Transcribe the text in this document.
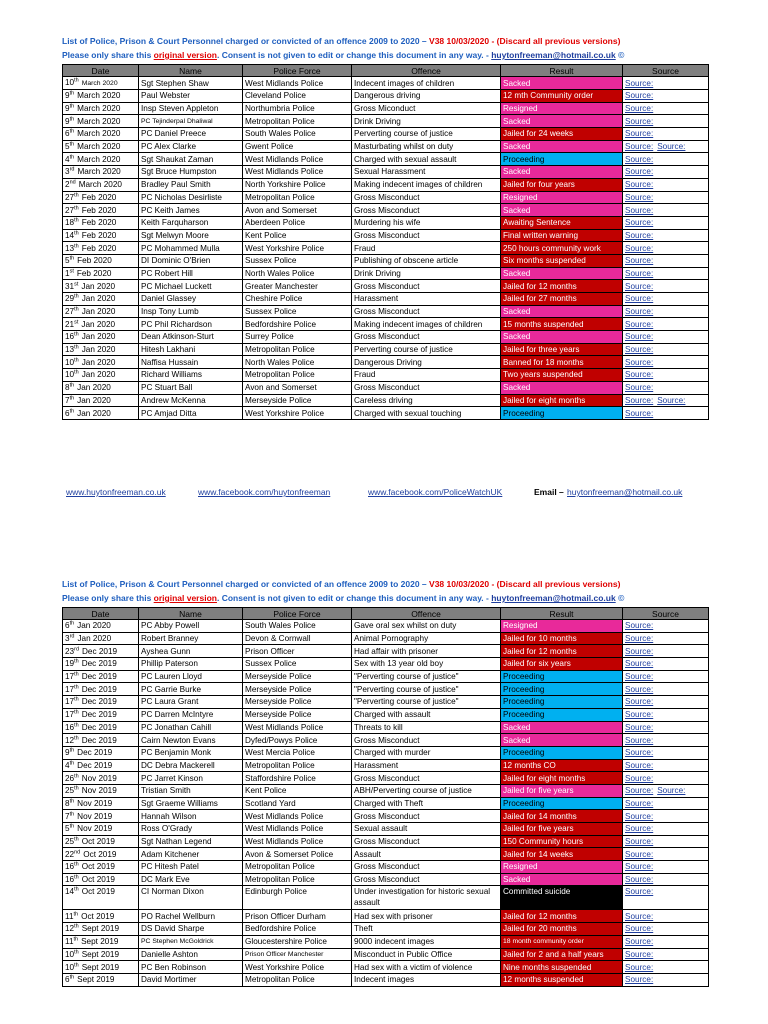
List of Police, Prison & Court Personnel charged or convicted of an offence 2009 to 2020 – V38 10/03/2020 - (Discard all previous versions)
Please only share this original version. Consent is not given to edit or change this document in any way. - huytonfreeman@hotmail.co.uk ©
Date	Name	Police Force	Offence	Result	Source
10th March 2020	Sgt Stephen Shaw	West Midlands Police	Indecent images of children	Sacked	Source:
9th March 2020	Paul Webster	Cleveland Police	Dangerous driving	12 mth Community order	Source:
9th March 2020	Insp Steven Appleton	Northumbria Police	Gross Miconduct	Resigned	Source:
9th March 2020	PC Tejinderpal Dhaliwal	Metropolitan Police	Drink Driving	Sacked	Source:
6th March 2020	PC Daniel Preece	South Wales Police	Perverting course of justice	Jailed for 24 weeks	Source:
5th March 2020	PC Alex Clarke	Gwent Police	Masturbating whilst on duty	Sacked	Source: Source:
4th March 2020	Sgt Shaukat Zaman	West Midlands Police	Charged with sexual assault	Proceeding	Source:
3rd March 2020	Sgt Bruce Humpston	West Midlands Police	Sexual Harassment	Sacked	Source:
2nd March 2020	Bradley Paul Smith	North Yorkshire Police	Making indecent images of children	Jailed for four years	Source:
27th Feb 2020	PC Nicholas Desirliste	Metropolitan Police	Gross Misconduct	Resigned	Source:
27th Feb 2020	PC Keith James	Avon and Somerset	Gross Misconduct	Sacked	Source:
18th Feb 2020	Keith Farquharson	Aberdeen Police	Murdering his wife	Awaiting Sentence	Source:
14th Feb 2020	Sgt Melwyn Moore	Kent Police	Gross Misconduct	Final written warning	Source:
13th Feb 2020	PC Mohammed Mulla	West Yorkshire Police	Fraud	250 hours community work	Source:
5th Feb 2020	DI Dominic O'Brien	Sussex Police	Publishing of obscene article	Six months suspended	Source:
1st Feb 2020	PC Robert Hill	North Wales Police	Drink Driving	Sacked	Source:
31st Jan 2020	PC Michael Luckett	Greater Manchester	Gross Misconduct	Jailed for 12 months	Source:
29th Jan 2020	Daniel Glassey	Cheshire Police	Harassment	Jailed for 27 months	Source:
27th Jan 2020	Insp Tony Lumb	Sussex Police	Gross Misconduct	Sacked	Source:
21st Jan 2020	PC Phil Richardson	Bedfordshire Police	Making indecent images of children	15 months suspended	Source:
16th Jan 2020	Dean Atkinson-Sturt	Surrey Police	Gross Misconduct	Sacked	Source:
13th Jan 2020	Hitesh Lakhani	Metropolitan Police	Perverting course of justice	Jailed for three years	Source:
10th Jan 2020	Naffisa Hussain	North Wales Police	Dangerous Driving	Banned for 18 months	Source:
10th Jan 2020	Richard Williams	Metropolitan Police	Fraud	Two years suspended	Source:
8th Jan 2020	PC Stuart Ball	Avon and Somerset	Gross Misconduct	Sacked	Source:
7th Jan 2020	Andrew McKenna	Merseyside Police	Careless driving	Jailed for eight months	Source: Source:
6th Jan 2020	PC Amjad Ditta	West Yorkshire Police	Charged with sexual touching	Proceeding	Source:
www.huytonfreeman.co.uk	www.facebook.com/huytonfreeman	www.facebook.com/PoliceWatchUK	Email – huytonfreeman@hotmail.co.uk
List of Police, Prison & Court Personnel charged or convicted of an offence 2009 to 2020 – V38 10/03/2020 - (Discard all previous versions)
Please only share this original version. Consent is not given to edit or change this document in any way. - huytonfreeman@hotmail.co.uk ©
Date	Name	Police Force	Offence	Result	Source
6th Jan 2020	PC Abby Powell	South Wales Police	Gave oral sex whilst on duty	Resigned	Source:
3rd Jan 2020	Robert Branney	Devon & Cornwall	Animal Pornography	Jailed for 10 months	Source:
23rd Dec 2019	Ayshea Gunn	Prison Officer	Had affair with prisoner	Jailed for 12 months	Source:
19th Dec 2019	Phillip Paterson	Sussex Police	Sex with 13 year old boy	Jailed for six years	Source:
17th Dec 2019	PC Lauren Lloyd	Merseyside Police	"Perverting course of justice"	Proceeding	Source:
17th Dec 2019	PC Garrie Burke	Merseyside Police	"Perverting course of justice"	Proceeding	Source:
17th Dec 2019	PC Laura Grant	Merseyside Police	"Perverting course of justice"	Proceeding	Source:
17th Dec 2019	PC Darren McIntyre	Merseyside Police	Charged with assault	Proceeding	Source:
16th Dec 2019	PC Jonathan Cahill	West Midlands Police	Threats to kill	Sacked	Source:
12th Dec 2019	Cairn Newton Evans	Dyfed/Powys Police	Gross Misconduct	Sacked	Source:
9th Dec 2019	PC Benjamin Monk	West Mercia Police	Charged with murder	Proceeding	Source:
4th Dec 2019	DC Debra Mackerell	Metropolitan Police	Harassment	12 months CO	Source:
26th Nov 2019	PC Jarret Kinson	Staffordshire Police	Gross Misconduct	Jailed for eight months	Source:
25th Nov 2019	Tristian Smith	Kent Police	ABH/Perverting course of justice	Jailed for five years	Source: Source:
8th Nov 2019	Sgt Graeme Williams	Scotland Yard	Charged with Theft	Proceeding	Source:
7th Nov 2019	Hannah Wilson	West Midlands Police	Gross Misconduct	Jailed for 14 months	Source:
5th Nov 2019	Ross O'Grady	West Midlands Police	Sexual assault	Jailed for five years	Source:
25th Oct 2019	Sgt Nathan Legend	West Midlands Police	Gross Misconduct	150 Community hours	Source:
22nd Oct 2019	Adam Kitchener	Avon & Somerset Police	Assault	Jailed for 14 weeks	Source:
16th Oct 2019	PC Hitesh Patel	Metropolitan Police	Gross Misconduct	Resigned	Source:
16th Oct 2019	DC Mark Eve	Metropolitan Police	Gross Misconduct	Sacked	Source:
14th Oct 2019	CI Norman Dixon	Edinburgh Police	Under investigation for historic sexual assault	Committed suicide	Source:
11th Oct 2019	PO Rachel Wellburn	Prison Officer Durham	Had sex with prisoner	Jailed for 12 months	Source:
12th Sept 2019	DS David Sharpe	Bedfordshire Police	Theft	Jailed for 20 months	Source:
11th Sept 2019	PC Stephen McGoldrick	Gloucestershire Police	9000 indecent images	18 month community order	Source:
10th Sept 2019	Danielle Ashton	Prison Officer Manchester	Misconduct in Public Office	Jailed for 2 and a half years	Source:
10th Sept 2019	PC Ben Robinson	West Yorkshire Police	Had sex with a victim of violence	Nine months suspended	Source:
6th Sept 2019	David Mortimer	Metropolitan Police	Indecent images	12 months suspended	Source:
